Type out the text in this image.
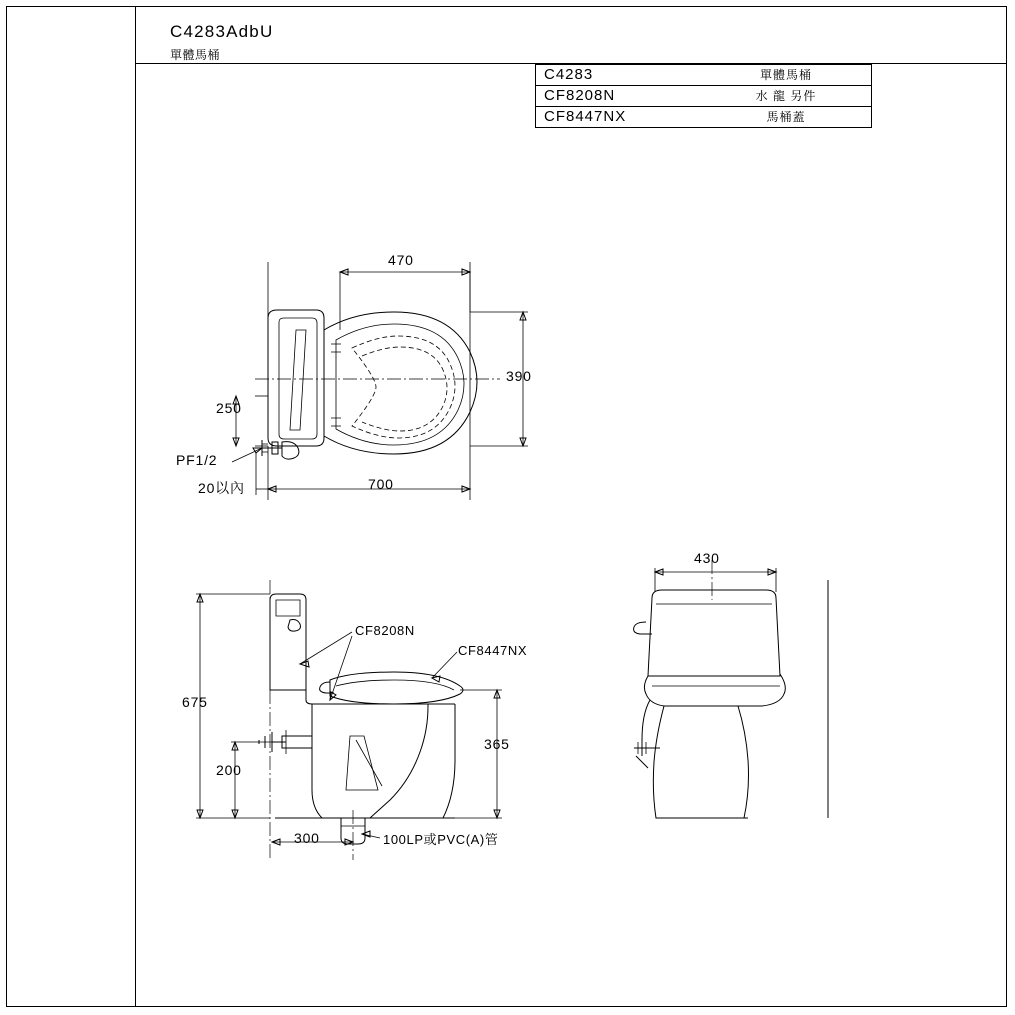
C4283AdbU
單體馬桶
C4283	單體馬桶
CF8208N	水 龍 另件
CF8447NX	馬桶蓋
470
390
250
700
20以內
PF1/2
675
200
365
300
CF8208N
CF8447NX
100LP或PVC(A)管
430
